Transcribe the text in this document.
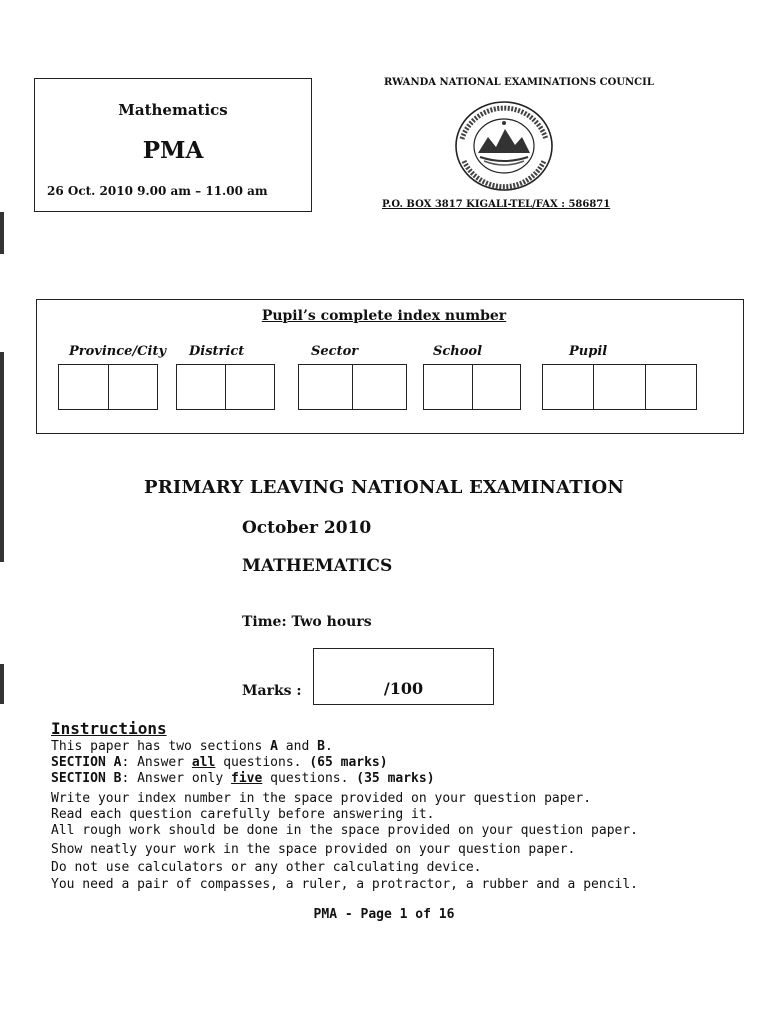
Mathematics
PMA
26 Oct. 2010 9.00 am – 11.00 am
RWANDA NATIONAL EXAMINATIONS COUNCIL
P.O. BOX 3817 KIGALI-TEL/FAX : 586871
Pupil’s complete index number
Province/City District	Sector	School	Pupil
PRIMARY LEAVING NATIONAL EXAMINATION
October 2010
MATHEMATICS
Time: Two hours
Marks :	/100
Instructions
This paper has two sections A and B.
SECTION A: Answer all questions. (65 marks)
SECTION B: Answer only five questions. (35 marks)
Write your index number in the space provided on your question paper.
Read each question carefully before answering it.
All rough work should be done in the space provided on your question paper.
Show neatly your work in the space provided on your question paper.
Do not use calculators or any other calculating device.
You need a pair of compasses, a ruler, a protractor, a rubber and a pencil.
PMA - Page 1 of 16
